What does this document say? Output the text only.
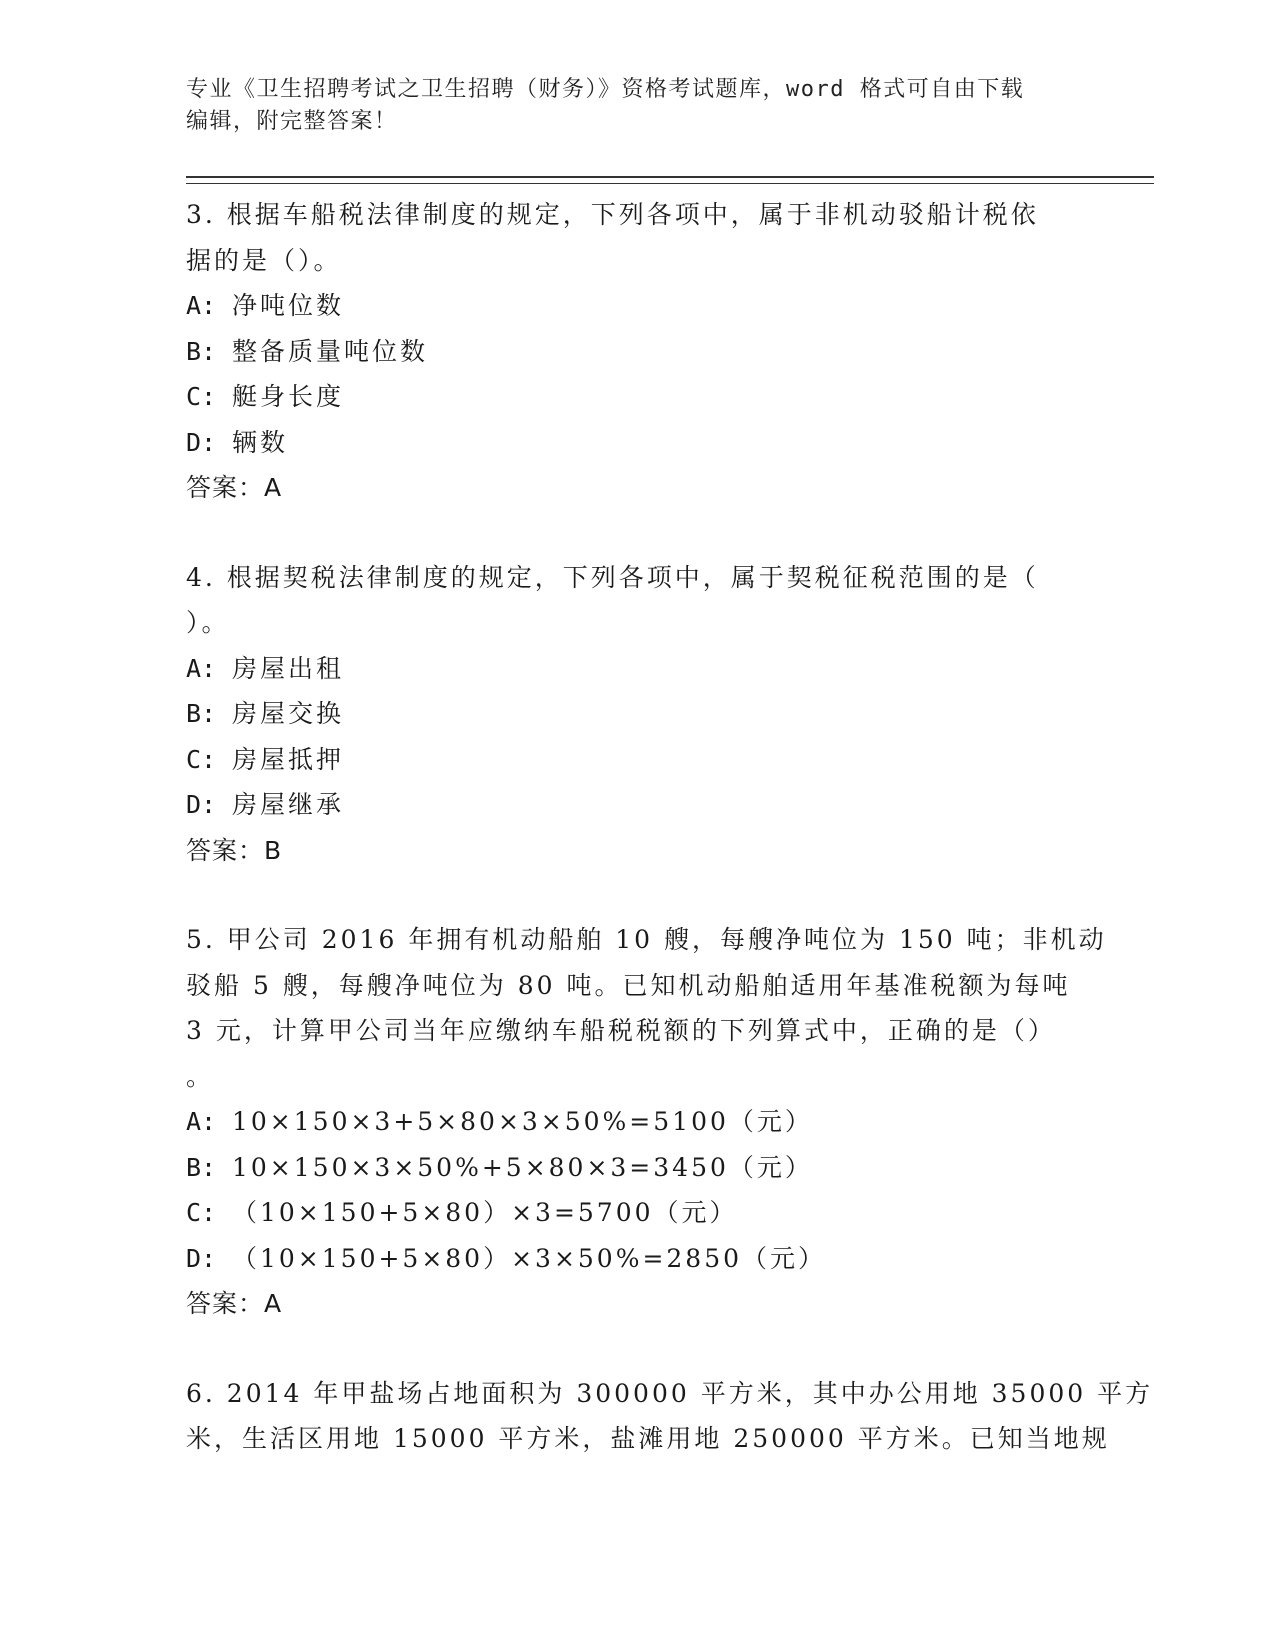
专业《卫生招聘考试之卫生招聘（财务）》资格考试题库，word 格式可自由下载
编辑，附完整答案！
3. 根据车船税法律制度的规定，下列各项中，属于非机动驳船计税依
据的是（）。
A: 净吨位数
B: 整备质量吨位数
C: 艇身长度
D: 辆数
答案：A
4. 根据契税法律制度的规定，下列各项中，属于契税征税范围的是（
）。
A: 房屋出租
B: 房屋交换
C: 房屋抵押
D: 房屋继承
答案：B
5. 甲公司 2016 年拥有机动船舶 10 艘，每艘净吨位为 150 吨；非机动
驳船 5 艘，每艘净吨位为 80 吨。已知机动船舶适用年基准税额为每吨
3 元，计算甲公司当年应缴纳车船税税额的下列算式中，正确的是（）
。
A: 10×150×3+5×80×3×50%=5100（元）
B: 10×150×3×50%+5×80×3=3450（元）
C: （10×150+5×80）×3=5700（元）
D: （10×150+5×80）×3×50%=2850（元）
答案：A
6. 2014 年甲盐场占地面积为 300000 平方米，其中办公用地 35000 平方
米，生活区用地 15000 平方米，盐滩用地 250000 平方米。已知当地规
